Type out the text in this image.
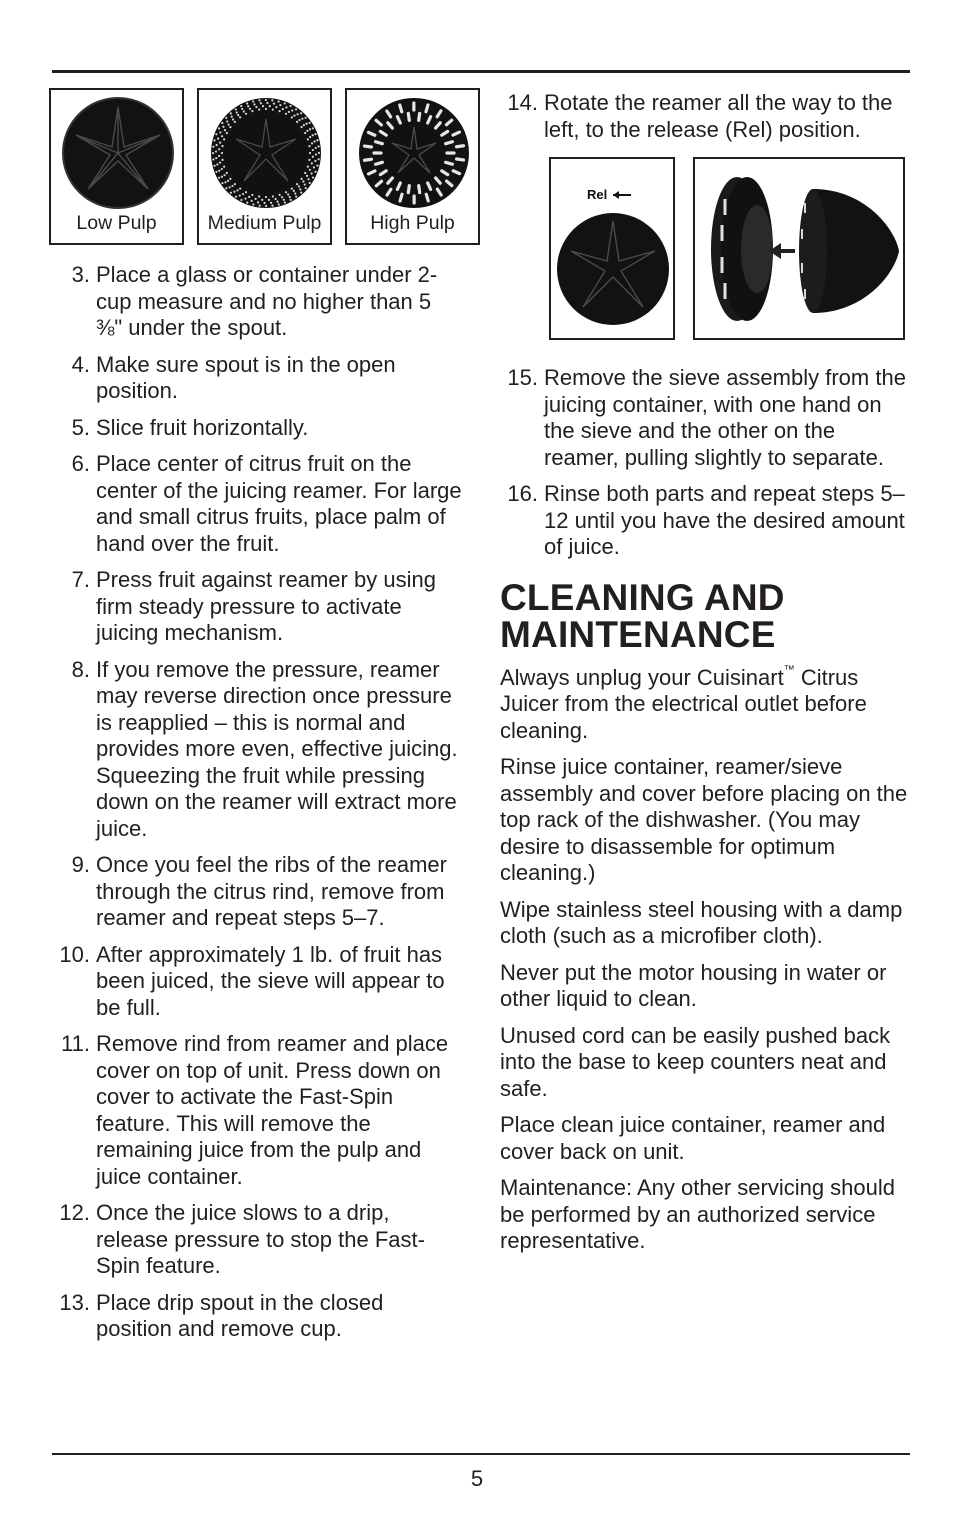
Low Pulp	Medium Pulp	High Pulp
3. Place a glass or container under 2-cup measure and no higher than 5 ⅜" under the spout.
4. Make sure spout is in the open position.
5. Slice fruit horizontally.
6. Place center of citrus fruit on the center of the juicing reamer. For large and small citrus fruits, place palm of hand over the fruit.
7. Press fruit against reamer by using firm steady pressure to activate juicing mechanism.
8. If you remove the pressure, reamer may reverse direction once pressure is reapplied – this is normal and provides more even, effective juicing. Squeezing the fruit while pressing down on the reamer will extract more juice.
9. Once you feel the ribs of the reamer through the citrus rind, remove from reamer and repeat steps 5–7.
10. After approximately 1 lb. of fruit has been juiced, the sieve will appear to be full.
11. Remove rind from reamer and place cover on top of unit. Press down on cover to activate the Fast-Spin feature. This will remove the remaining juice from the pulp and juice container.
12. Once the juice slows to a drip, release pressure to stop the Fast-Spin feature.
13. Place drip spout in the closed position and remove cup.
14. Rotate the reamer all the way to the left, to the release (Rel) position.
Rel
15. Remove the sieve assembly from the juicing container, with one hand on the sieve and the other on the reamer, pulling slightly to separate.
16. Rinse both parts and repeat steps 5–12 until you have the desired amount of juice.
CLEANING AND
MAINTENANCE

Always unplug your Cuisinart™ Citrus Juicer from the electrical outlet before cleaning.

Rinse juice container, reamer/sieve assembly and cover before placing on the top rack of the dishwasher. (You may desire to disassemble for optimum cleaning.)

Wipe stainless steel housing with a damp cloth (such as a microfiber cloth).

Never put the motor housing in water or other liquid to clean.

Unused cord can be easily pushed back into the base to keep counters neat and safe.

Place clean juice container, reamer and cover back on unit.

Maintenance: Any other servicing should be performed by an authorized service representative.

5
